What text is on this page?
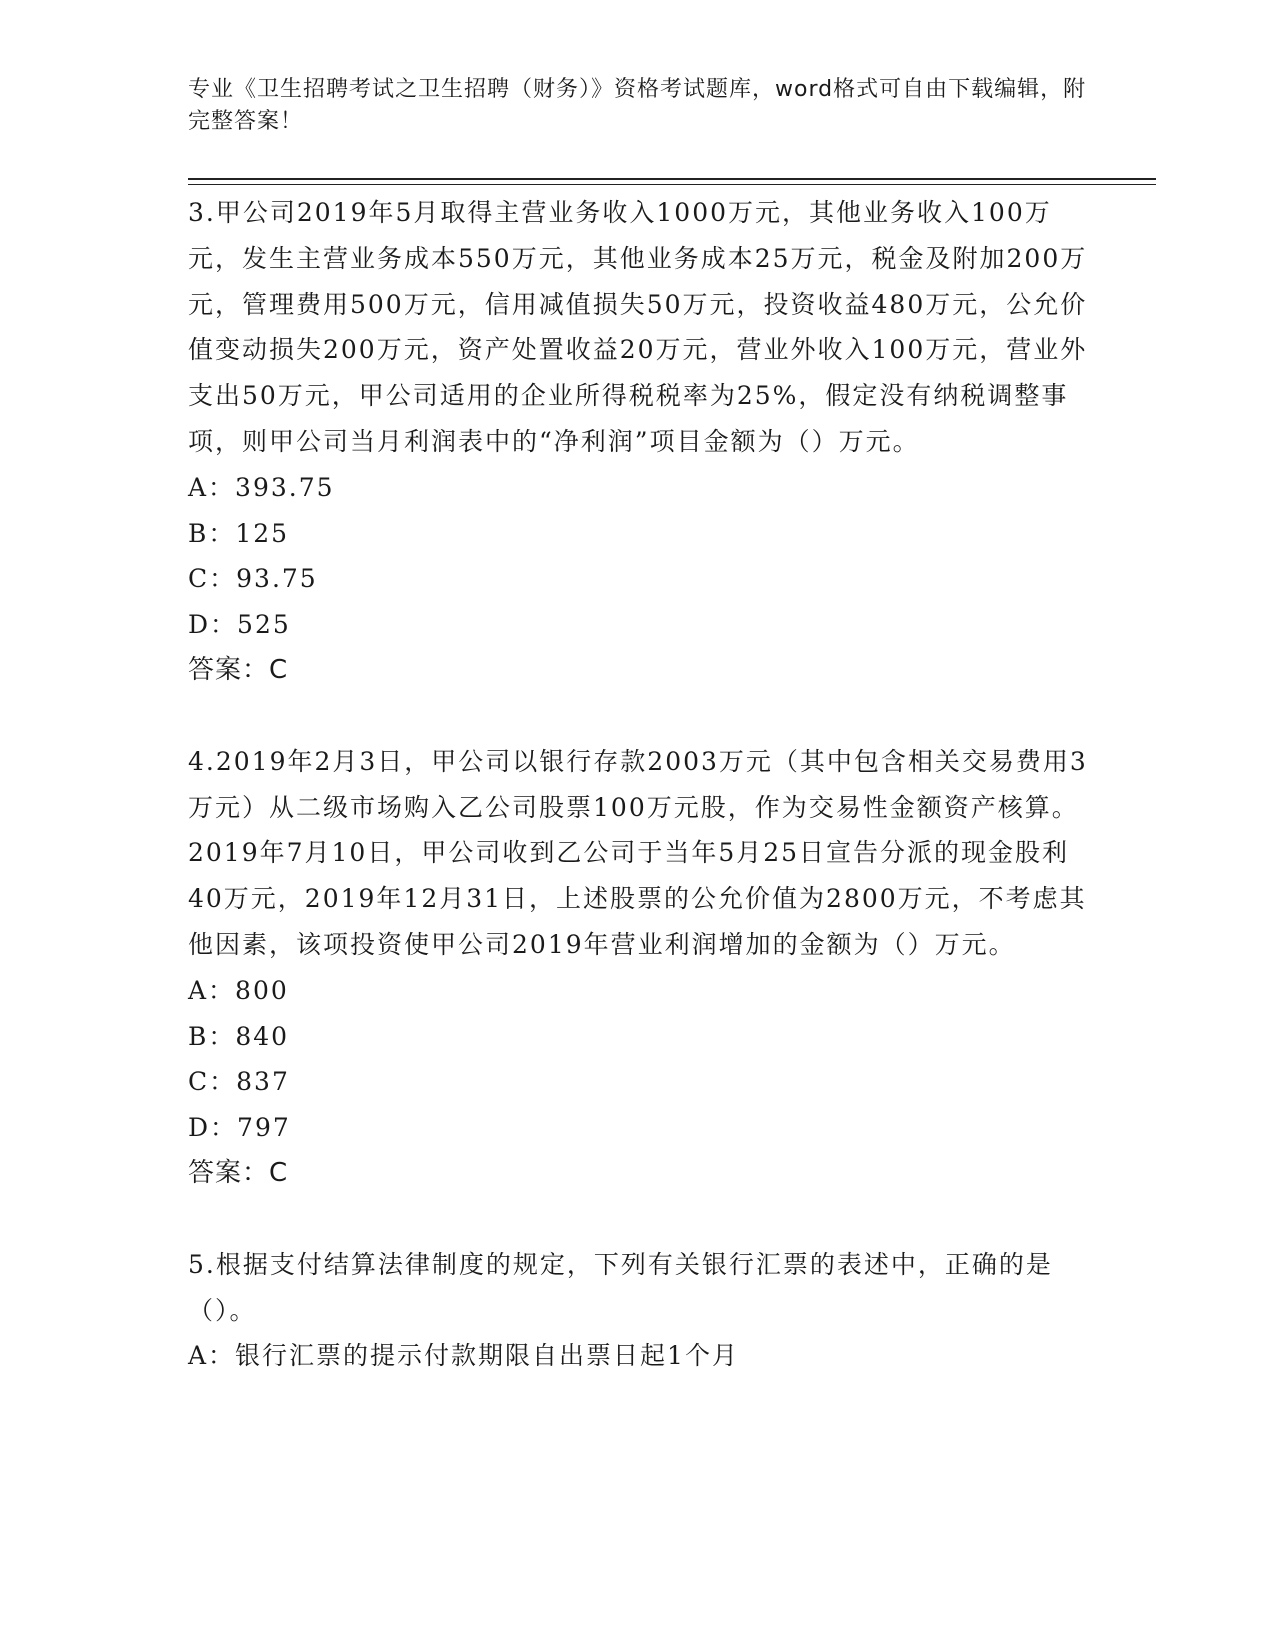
专业《卫生招聘考试之卫生招聘（财务）》资格考试题库，word格式可自由下载编辑，附完整答案！

3.甲公司2019年5月取得主营业务收入1000万元，其他业务收入100万元，发生主营业务成本550万元，其他业务成本25万元，税金及附加200万元，管理费用500万元，信用减值损失50万元，投资收益480万元，公允价值变动损失200万元，资产处置收益20万元，营业外收入100万元，营业外支出50万元，甲公司适用的企业所得税税率为25%，假定没有纳税调整事项，则甲公司当月利润表中的“净利润”项目金额为（）万元。

A：393.75

B：125

C：93.75

D：525

答案：C

4.2019年2月3日，甲公司以银行存款2003万元（其中包含相关交易费用3万元）从二级市场购入乙公司股票100万元股，作为交易性金额资产核算。2019年7月10日，甲公司收到乙公司于当年5月25日宣告分派的现金股利40万元，2019年12月31日，上述股票的公允价值为2800万元，不考虑其他因素，该项投资使甲公司2019年营业利润增加的金额为（）万元。

A：800

B：840

C：837

D：797

答案：C

5.根据支付结算法律制度的规定，下列有关银行汇票的表述中，正确的是（）。

A：银行汇票的提示付款期限自出票日起1个月
